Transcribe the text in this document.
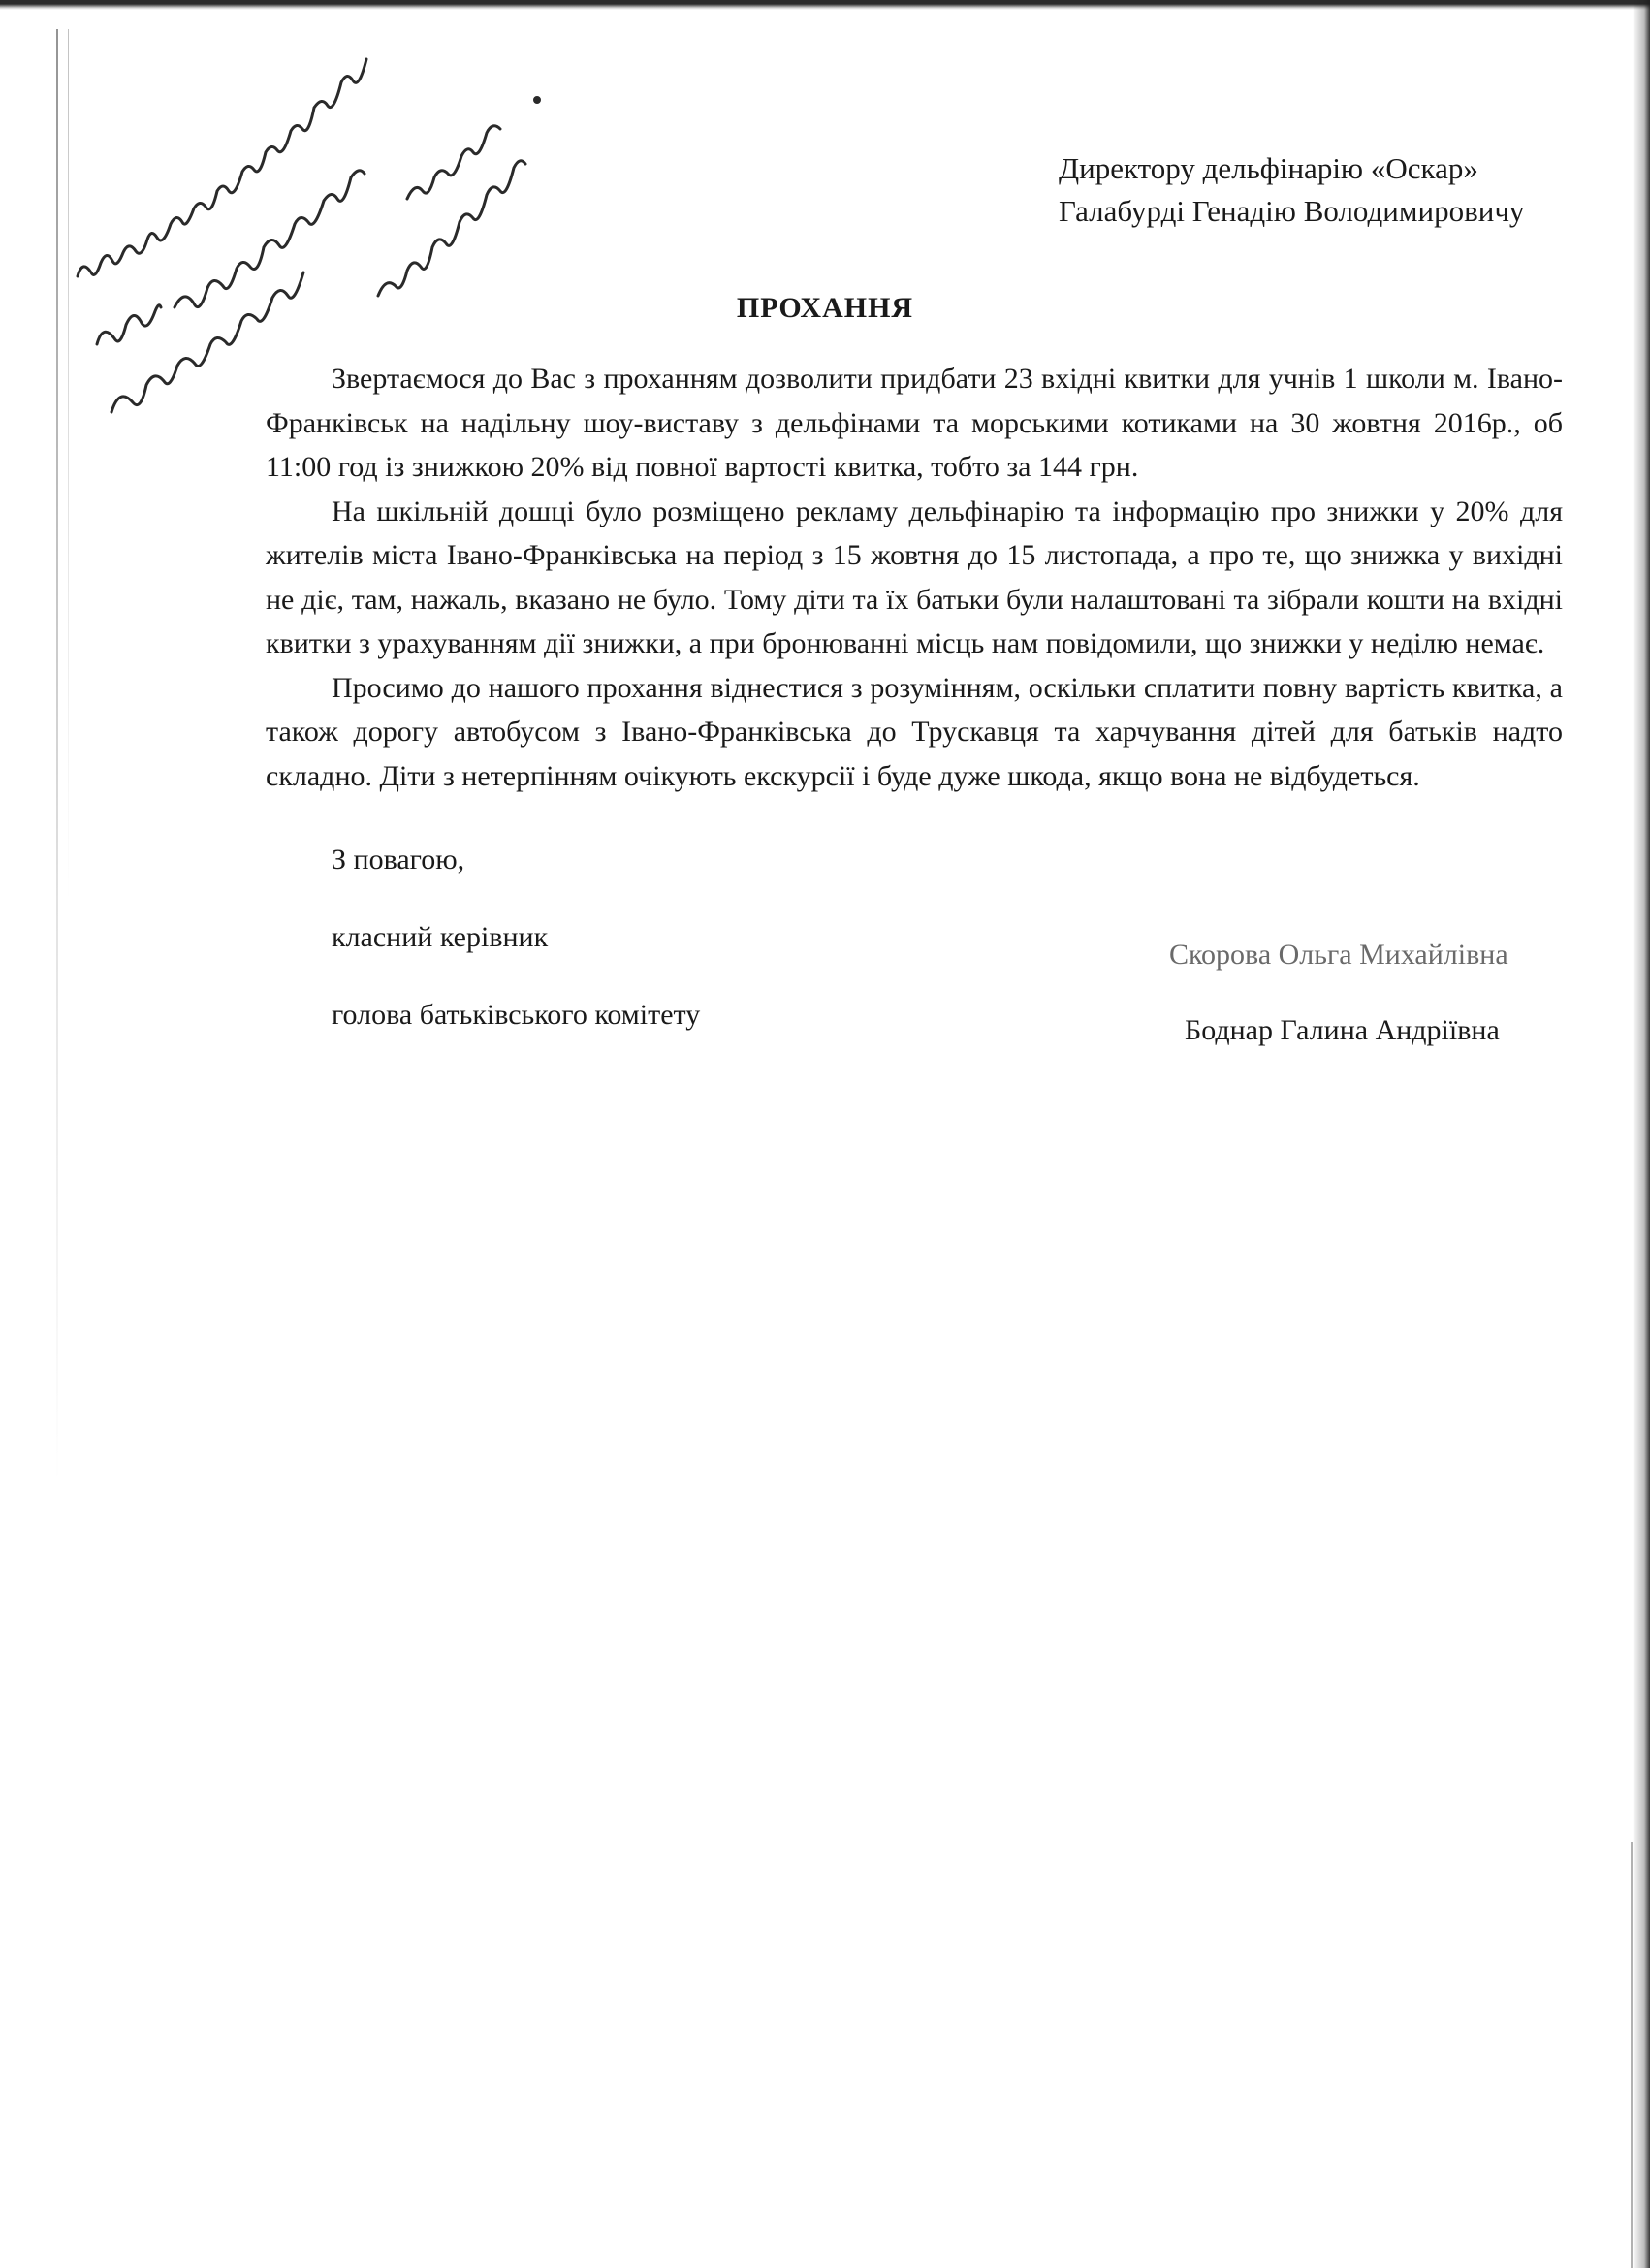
Директору дельфінарію «Оскар»
Галабурді Генадію Володимировичу
ПРОХАННЯ

Звертаємося до Вас з проханням дозволити придбати 23 вхідні квитки для учнів 1 школи м. Івано-Франківськ на надільну шоу-виставу з дельфінами та морськими котиками на 30 жовтня 2016р., об 11:00 год із знижкою 20% від повної вартості квитка, тобто за 144 грн.

На шкільній дошці було розміщено рекламу дельфінарію та інформацію про знижки у 20% для жителів міста Івано-Франківська на період з 15 жовтня до 15 листопада, а про те, що знижка у вихідні не діє, там, нажаль, вказано не було. Тому діти та їх батьки були налаштовані та зібрали кошти на вхідні квитки з урахуванням дії знижки, а при бронюванні місць нам повідомили, що знижки у неділю немає.

Просимо до нашого прохання віднестися з розумінням, оскільки сплатити повну вартість квитка, а також дорогу автобусом з Івано-Франківська до Трускавця та харчування дітей для батьків надто складно. Діти з нетерпінням очікують екскурсії і буде дуже шкода, якщо вона не відбудеться.

З повагою,
класний керівник
Скорова Ольга Михайлівна
голова батьківського комітету	Боднар Галина Андріївна
